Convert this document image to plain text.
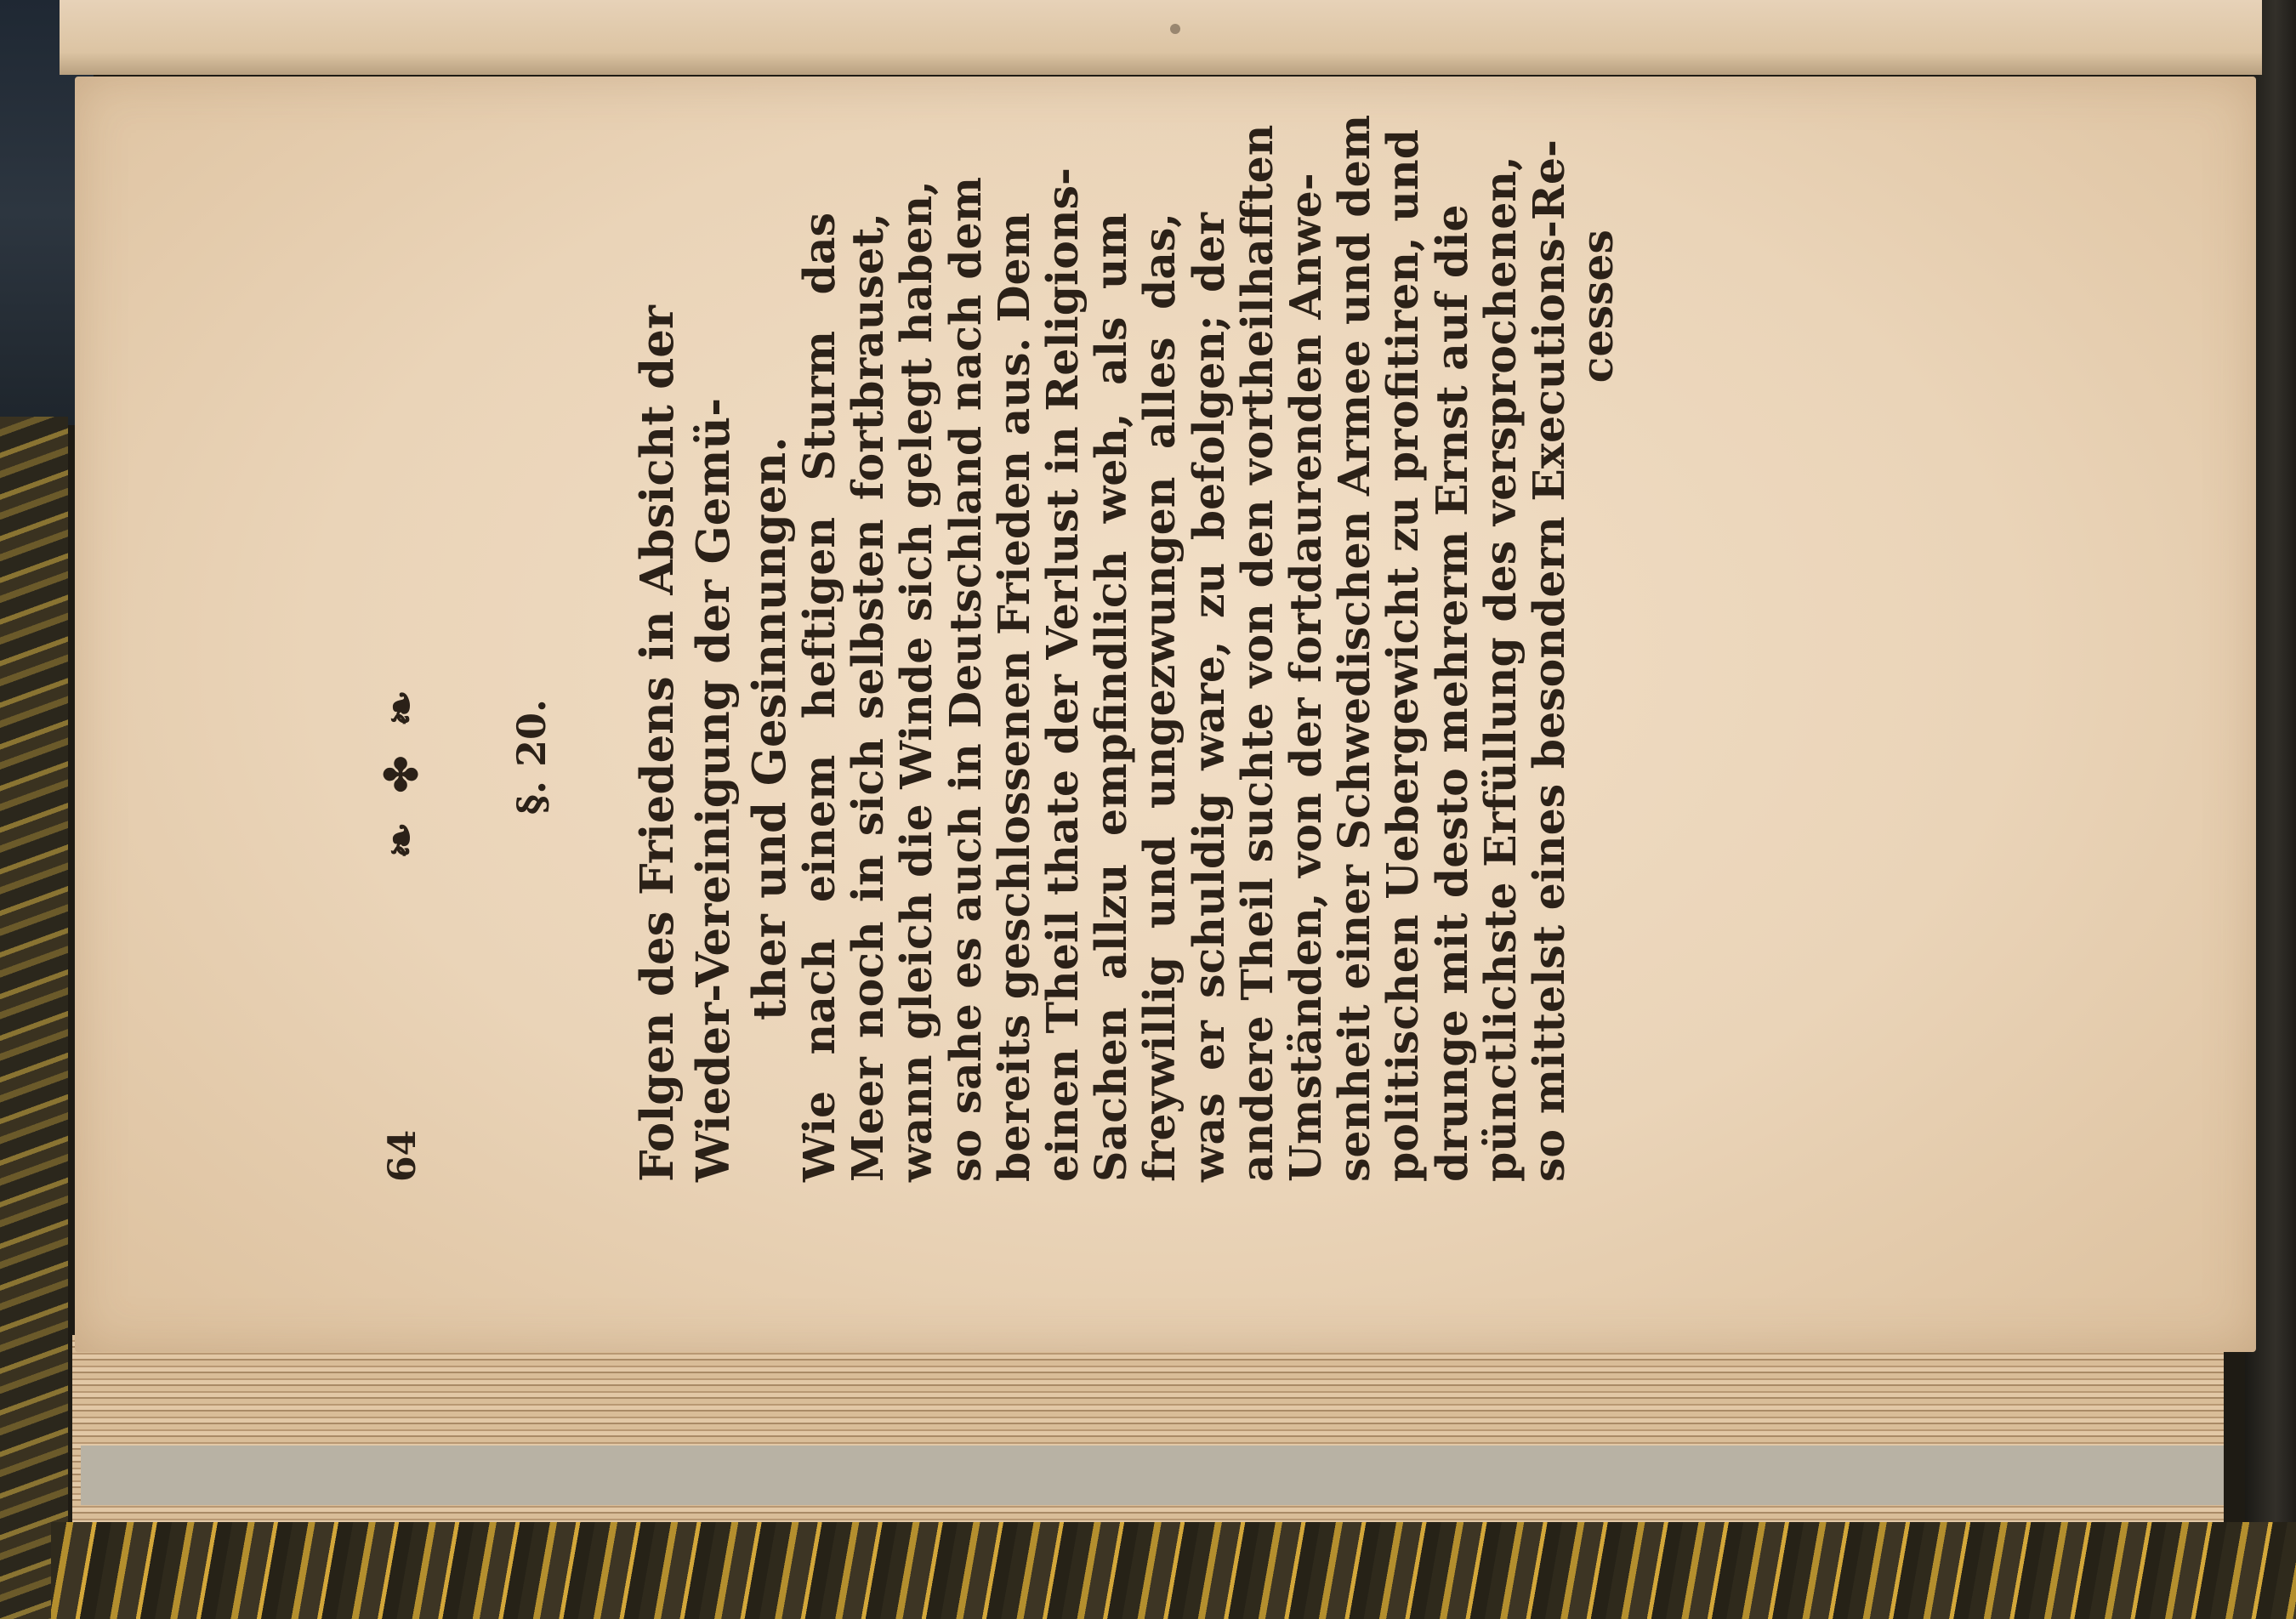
64
❧ ✤ ❧ §. 20. Folgen des Friedens in Absicht der Wieder-Vereinigung der Gemü- ther und Gesinnungen.
Wie nach einem heftigen Sturm das
Meer noch in sich selbsten fortbrauset,
wann gleich die Winde sich gelegt haben,
so sahe es auch in Deutschland nach dem
bereits geschlossenen Frieden aus. Dem
einen Theil thate der Verlust in Religions-
Sachen allzu empfindlich weh, als um
freywillig und ungezwungen alles das,
was er schuldig ware, zu befolgen; der
andere Theil suchte von den vortheilhafften
Umständen, von der fortdaurenden Anwe-
senheit einer Schwedischen Armee und dem
politischen Uebergewicht zu profitiren, und
drunge mit desto mehrerm Ernst auf die
pünctlichste Erfüllung des versprochenen,
so mittelst eines besondern Executions-Re-
cesses
